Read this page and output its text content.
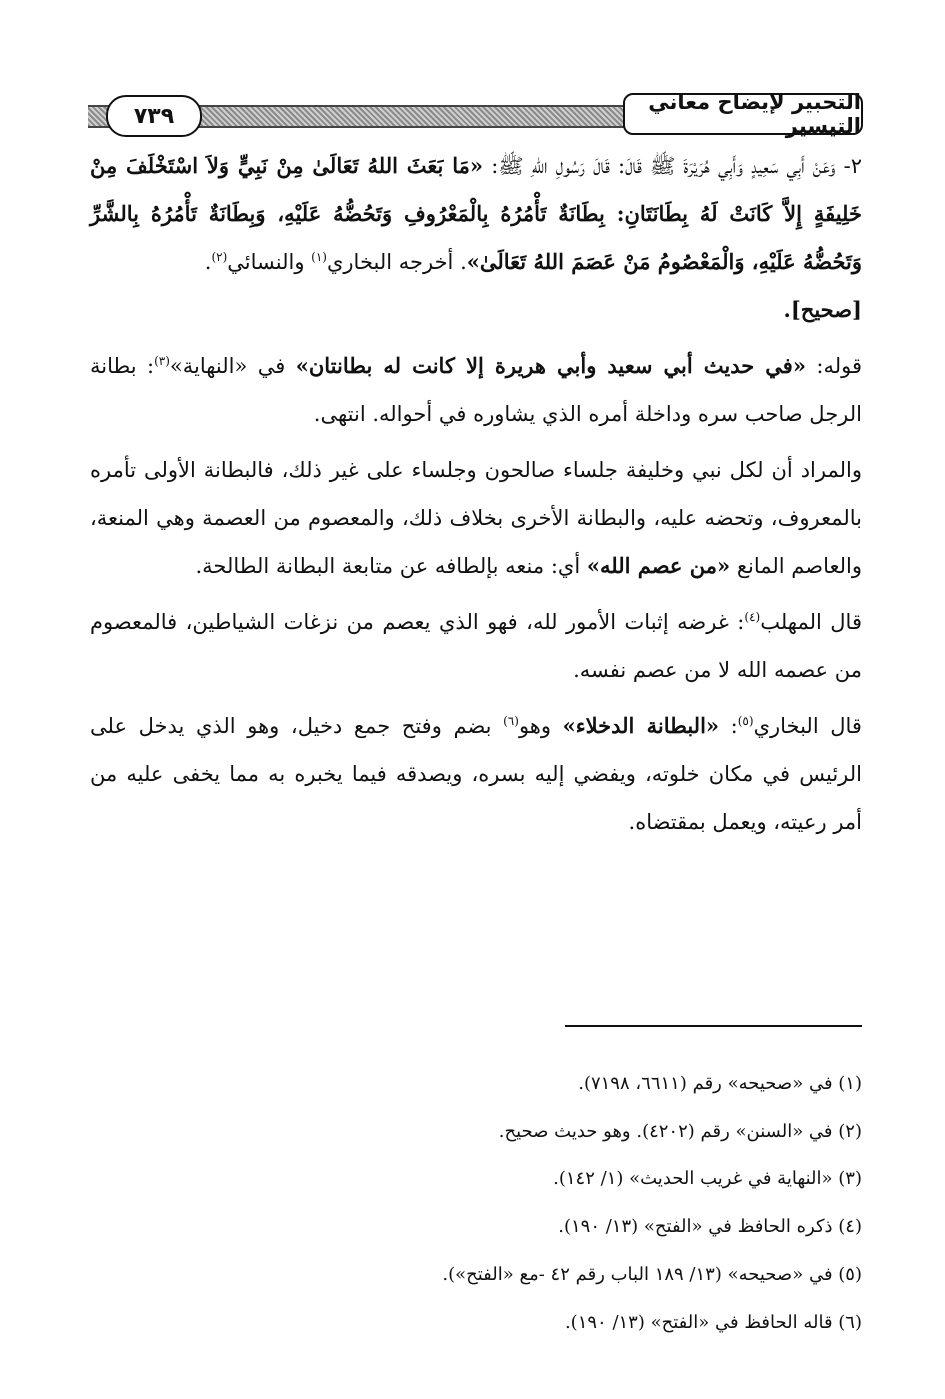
٧٣٩
التحبير لإيضاح معاني التيسير

٢- وَعَنْ أَبِي سَعِيدٍ وَأَبِي هُرَيْرَةَ ﷺ قَالَ: قَالَ رَسُولِ اللهِ ﷺ: «مَا بَعَثَ اللهُ تَعَالَىٰ مِنْ نَبِيٍّ وَلاَ اسْتَخْلَفَ مِنْ خَلِيفَةٍ إِلاَّ كَانَتْ لَهُ بِطَانَتَانِ: بِطَانَةٌ تَأْمُرُهُ بِالْمَعْرُوفِ وَتَحُضُّهُ عَلَيْهِ، وَبِطَانَةٌ تَأْمُرُهُ بِالشَّرِّ وَتَحُضُّهُ عَلَيْهِ، وَالْمَعْصُومُ مَنْ عَصَمَ اللهُ تَعَالَىٰ». أخرجه البخاري$^{(١)}$ والنسائي$^{(٢)}$.
[صحيح].

قوله: «في حديث أبي سعيد وأبي هريرة إلا كانت له بطانتان» في «النهاية»$^{(٣)}$: بطانة الرجل صاحب سره وداخلة أمره الذي يشاوره في أحواله. انتهى.

والمراد أن لكل نبي وخليفة جلساء صالحون وجلساء على غير ذلك، فالبطانة الأولى تأمره بالمعروف، وتحضه عليه، والبطانة الأخرى بخلاف ذلك، والمعصوم من العصمة وهي المنعة، والعاصم المانع «من عصم الله» أي: منعه بإلطافه عن متابعة البطانة الطالحة.

قال المهلب$^{(٤)}$: غرضه إثبات الأمور لله، فهو الذي يعصم من نزغات الشياطين، فالمعصوم من عصمه الله لا من عصم نفسه.

قال البخاري$^{(٥)}$: «البطانة الدخلاء» وهو$^{(٦)}$ بضم وفتح جمع دخيل، وهو الذي يدخل على الرئيس في مكان خلوته، ويفضي إليه بسره، ويصدقه فيما يخبره به مما يخفى عليه من أمر رعيته، ويعمل بمقتضاه.

(١) في «صحيحه» رقم (٦٦١١، ٧١٩٨).
(٢) في «السنن» رقم (٤٢٠٢). وهو حديث صحيح.
(٣) «النهاية في غريب الحديث» (١/ ١٤٢).
(٤) ذكره الحافظ في «الفتح» (١٣/ ١٩٠).
(٥) في «صحيحه» (١٣/ ١٨٩ الباب رقم ٤٢ -مع «الفتح»).
(٦) قاله الحافظ في «الفتح» (١٣/ ١٩٠).
